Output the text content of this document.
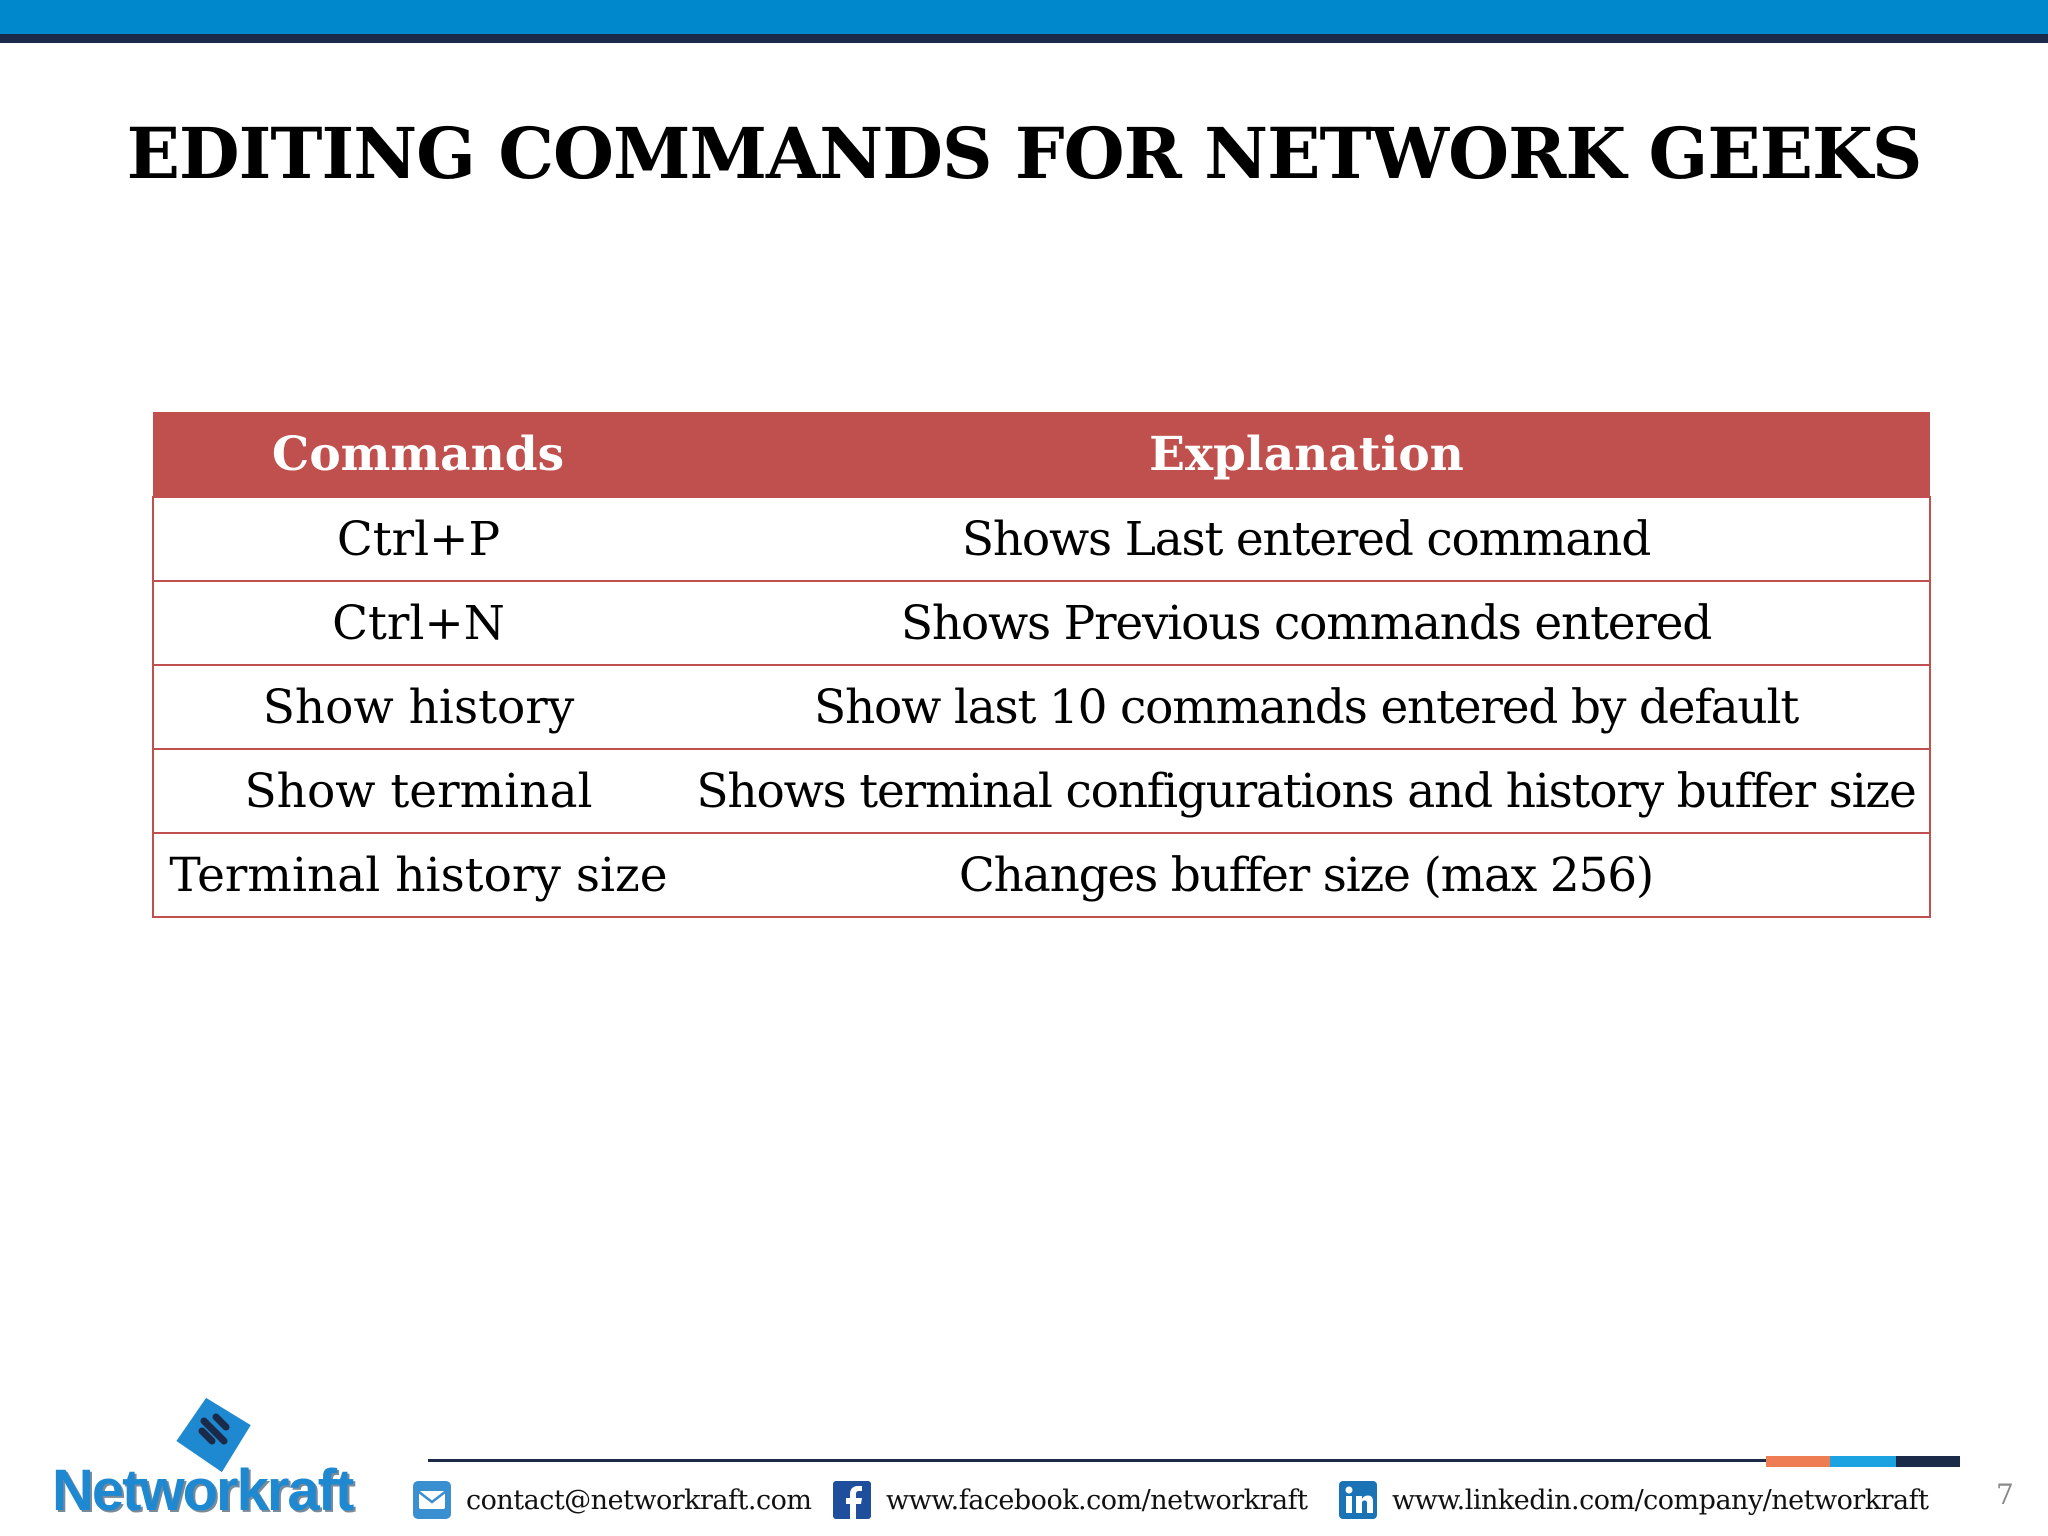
EDITING COMMANDS FOR NETWORK GEEKS
Commands	Explanation
Ctrl+P	Shows Last entered command
Ctrl+N	Shows Previous commands entered
Show history	Show last 10 commands entered by default
Show terminal	Shows terminal configurations and history buffer size
Terminal history size	Changes buffer size (max 256)
Networkraft	contact@networkraft.com	www.facebook.com/networkraft	www.linkedin.com/company/networkraft 7
